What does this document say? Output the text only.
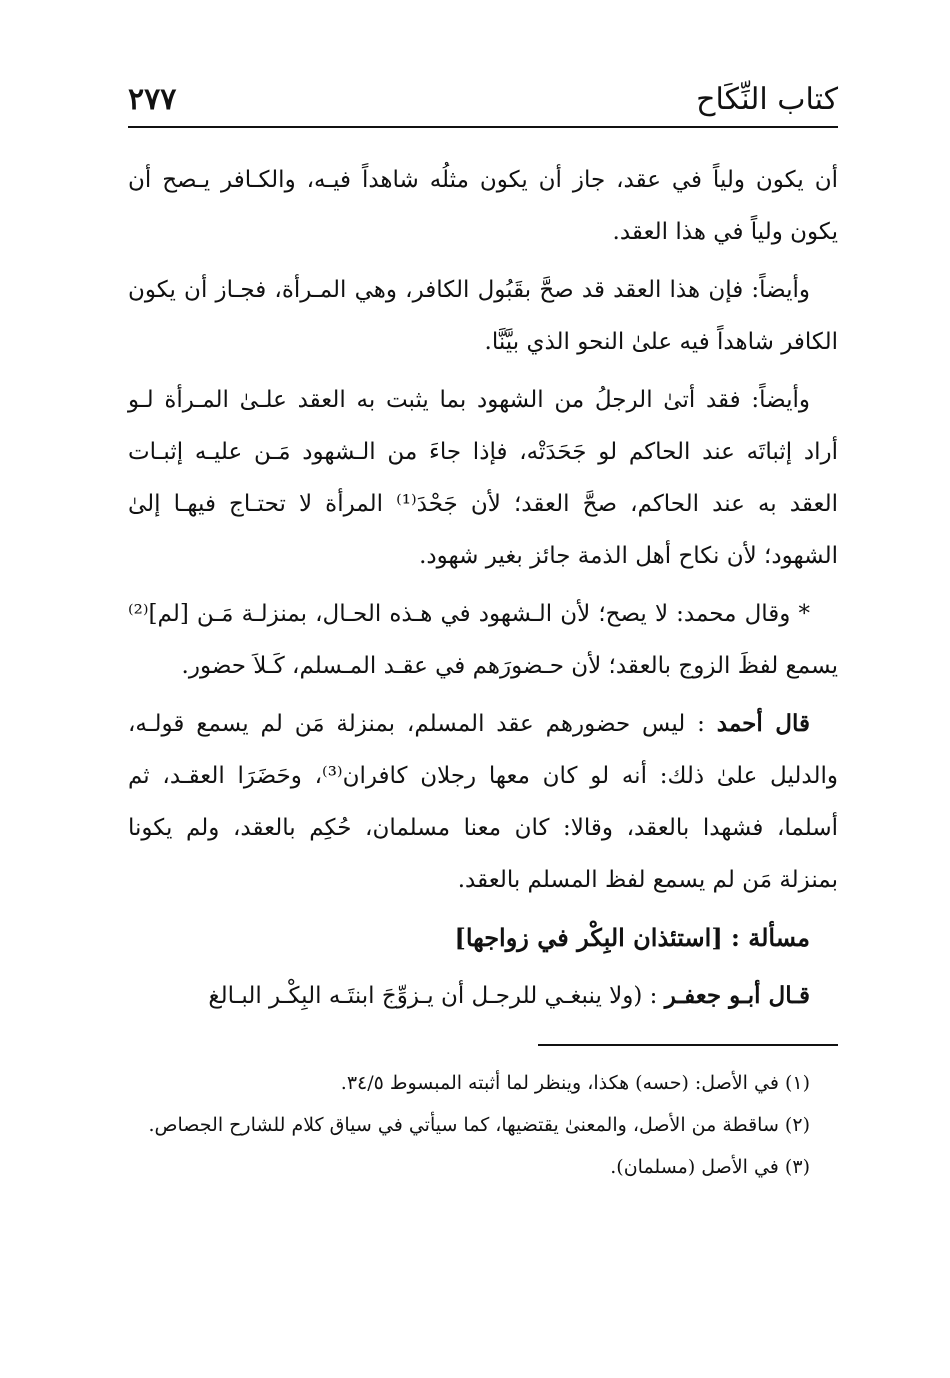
كتاب النِّكَاح
٢٧٧

أن يكون ولياً في عقد، جاز أن يكون مثلُه شاهداً فيـه، والكـافر يـصح أن يكون ولياً في هذا العقد.

وأيضاً: فإن هذا العقد قد صحَّ بقَبُول الكافر، وهي المـرأة، فجـاز أن يكون الكافر شاهداً فيه علىٰ النحو الذي بيَّنَّا.

وأيضاً: فقد أتىٰ الرجلُ من الشهود بما يثبت به العقد علـىٰ المـرأة لـو أراد إثباتَه عند الحاكم لو جَحَدَتْه، فإذا جاءَ من الـشهود مَـن عليـه إثبـات العقد به عند الحاكم، صحَّ العقد؛ لأن جَحْدَ⁽¹⁾ المرأة لا تحتـاج فيهـا إلىٰ الشهود؛ لأن نكاح أهل الذمة جائز بغير شهود.

* وقال محمد: لا يصح؛ لأن الـشهود في هـذه الحـال، بمنزلـة مَـن [لم]⁽²⁾ يسمع لفظَ الزوج بالعقد؛ لأن حـضورَهم في عقـد المـسلم، كَـلاَ حضور.

قال أحمد : ليس حضورهم عقد المسلم، بمنزلة مَن لم يسمع قولـه، والدليل علىٰ ذلك: أنه لو كان معها رجلان كافران⁽³⁾، وحَضَرَا العقـد، ثم أسلما، فشهدا بالعقد، وقالا: كان معنا مسلمان، حُكِم بالعقد، ولم يكونا بمنزلة مَن لم يسمع لفظ المسلم بالعقد.

مسألة : [استئذان البِكْر في زواجها]

قـال أبـو جعفـر : (ولا ينبغـي للرجـل أن يـزوِّجَ ابنتَـه البِكْـر البـالغ

(١) في الأصل: (حسه) هكذا، وينظر لما أثبته المبسوط ٣٤/٥.

(٢) ساقطة من الأصل، والمعنىٰ يقتضيها، كما سيأتي في سياق كلام للشارح الجصاص.

(٣) في الأصل (مسلمان).
